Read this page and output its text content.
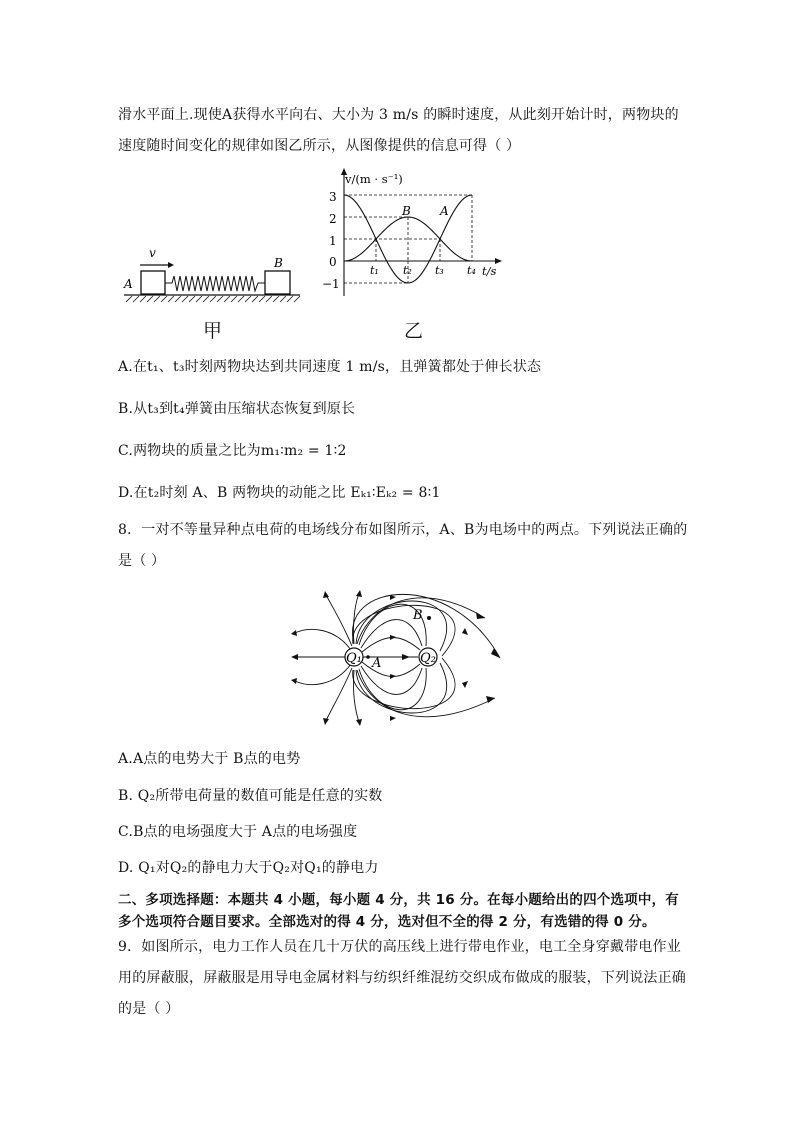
滑水平面上.现使A获得水平向右、大小为 3 m/s 的瞬时速度，从此刻开始计时，两物块的
速度随时间变化的规律如图乙所示，从图像提供的信息可得（ ）
v
A
B
甲
v/(m · s⁻¹)
t/s
3
2
1
0
−1
B A
t₁ t₂ t₃ t₄
乙
A.在t₁、t₃时刻两物块达到共同速度 1 m/s，且弹簧都处于伸长状态
B.从t₃到t₄弹簧由压缩状态恢复到原长
C.两物块的质量之比为m₁∶m₂ = 1∶2
D.在t₂时刻 A、B 两物块的动能之比 Eₖ₁∶Eₖ₂ = 8∶1
8．一对不等量异种点电荷的电场线分布如图所示，A、B为电场中的两点。下列说法正确的
是（ ）
Q₁	Q₂
A
B
A.A点的电势大于 B点的电势
B. Q₂所带电荷量的数值可能是任意的实数
C.B点的电场强度大于 A点的电场强度
D. Q₁对Q₂的静电力大于Q₂对Q₁的静电力
二、多项选择题：本题共 4 小题，每小题 4 分，共 16 分。在每小题给出的四个选项中，有
多个选项符合题目要求。全部选对的得 4 分，选对但不全的得 2 分，有选错的得 0 分。
9．如图所示，电力工作人员在几十万伏的高压线上进行带电作业，电工全身穿戴带电作业
用的屏蔽服，屏蔽服是用导电金属材料与纺织纤维混纺交织成布做成的服装，下列说法正确
的是（ ）
